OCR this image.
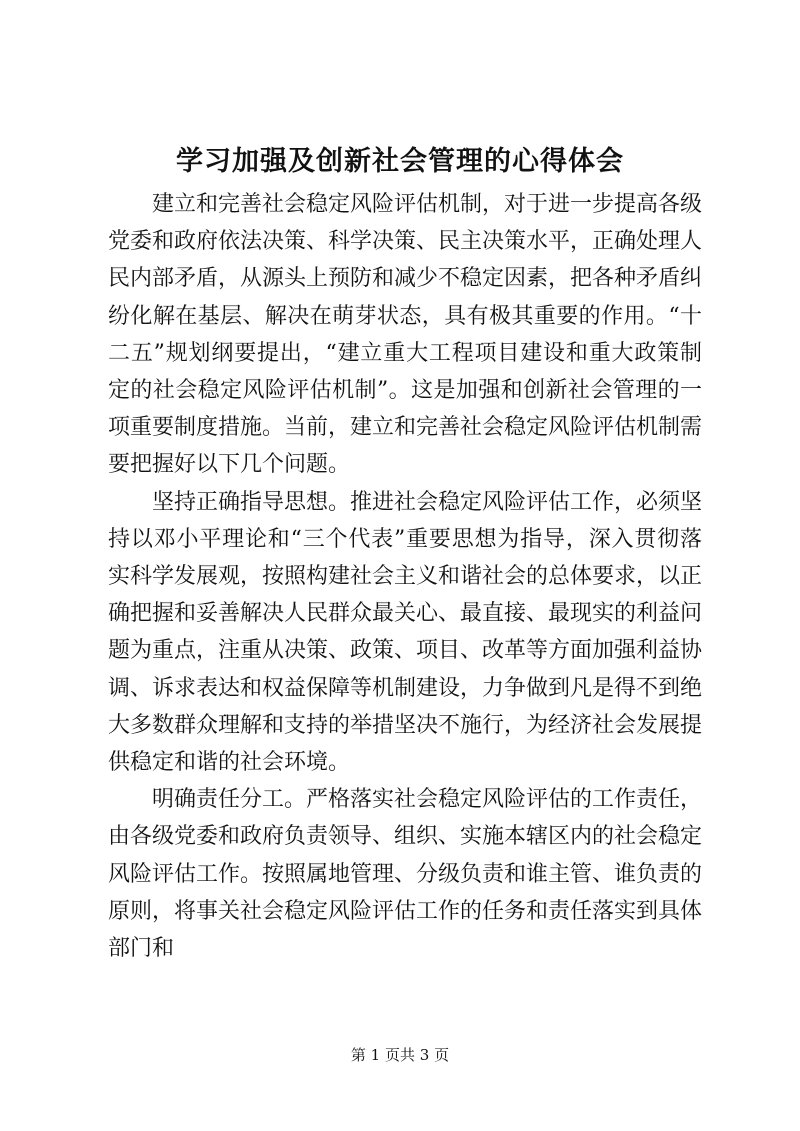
学习加强及创新社会管理的心得体会

建立和完善社会稳定风险评估机制，对于进一步提高各级党委和政府依法决策、科学决策、民主决策水平，正确处理人民内部矛盾，从源头上预防和减少不稳定因素，把各种矛盾纠纷化解在基层、解决在萌芽状态，具有极其重要的作用。“十二五”规划纲要提出，“建立重大工程项目建设和重大政策制定的社会稳定风险评估机制”。这是加强和创新社会管理的一项重要制度措施。当前，建立和完善社会稳定风险评估机制需要把握好以下几个问题。

坚持正确指导思想。推进社会稳定风险评估工作，必须坚持以邓小平理论和“三个代表”重要思想为指导，深入贯彻落实科学发展观，按照构建社会主义和谐社会的总体要求，以正确把握和妥善解决人民群众最关心、最直接、最现实的利益问题为重点，注重从决策、政策、项目、改革等方面加强利益协调、诉求表达和权益保障等机制建设，力争做到凡是得不到绝大多数群众理解和支持的举措坚决不施行，为经济社会发展提供稳定和谐的社会环境。

明确责任分工。严格落实社会稳定风险评估的工作责任，由各级党委和政府负责领导、组织、实施本辖区内的社会稳定风险评估工作。按照属地管理、分级负责和谁主管、谁负责的原则，将事关社会稳定风险评估工作的任务和责任落实到具体部门和

第 1 页共 3 页
